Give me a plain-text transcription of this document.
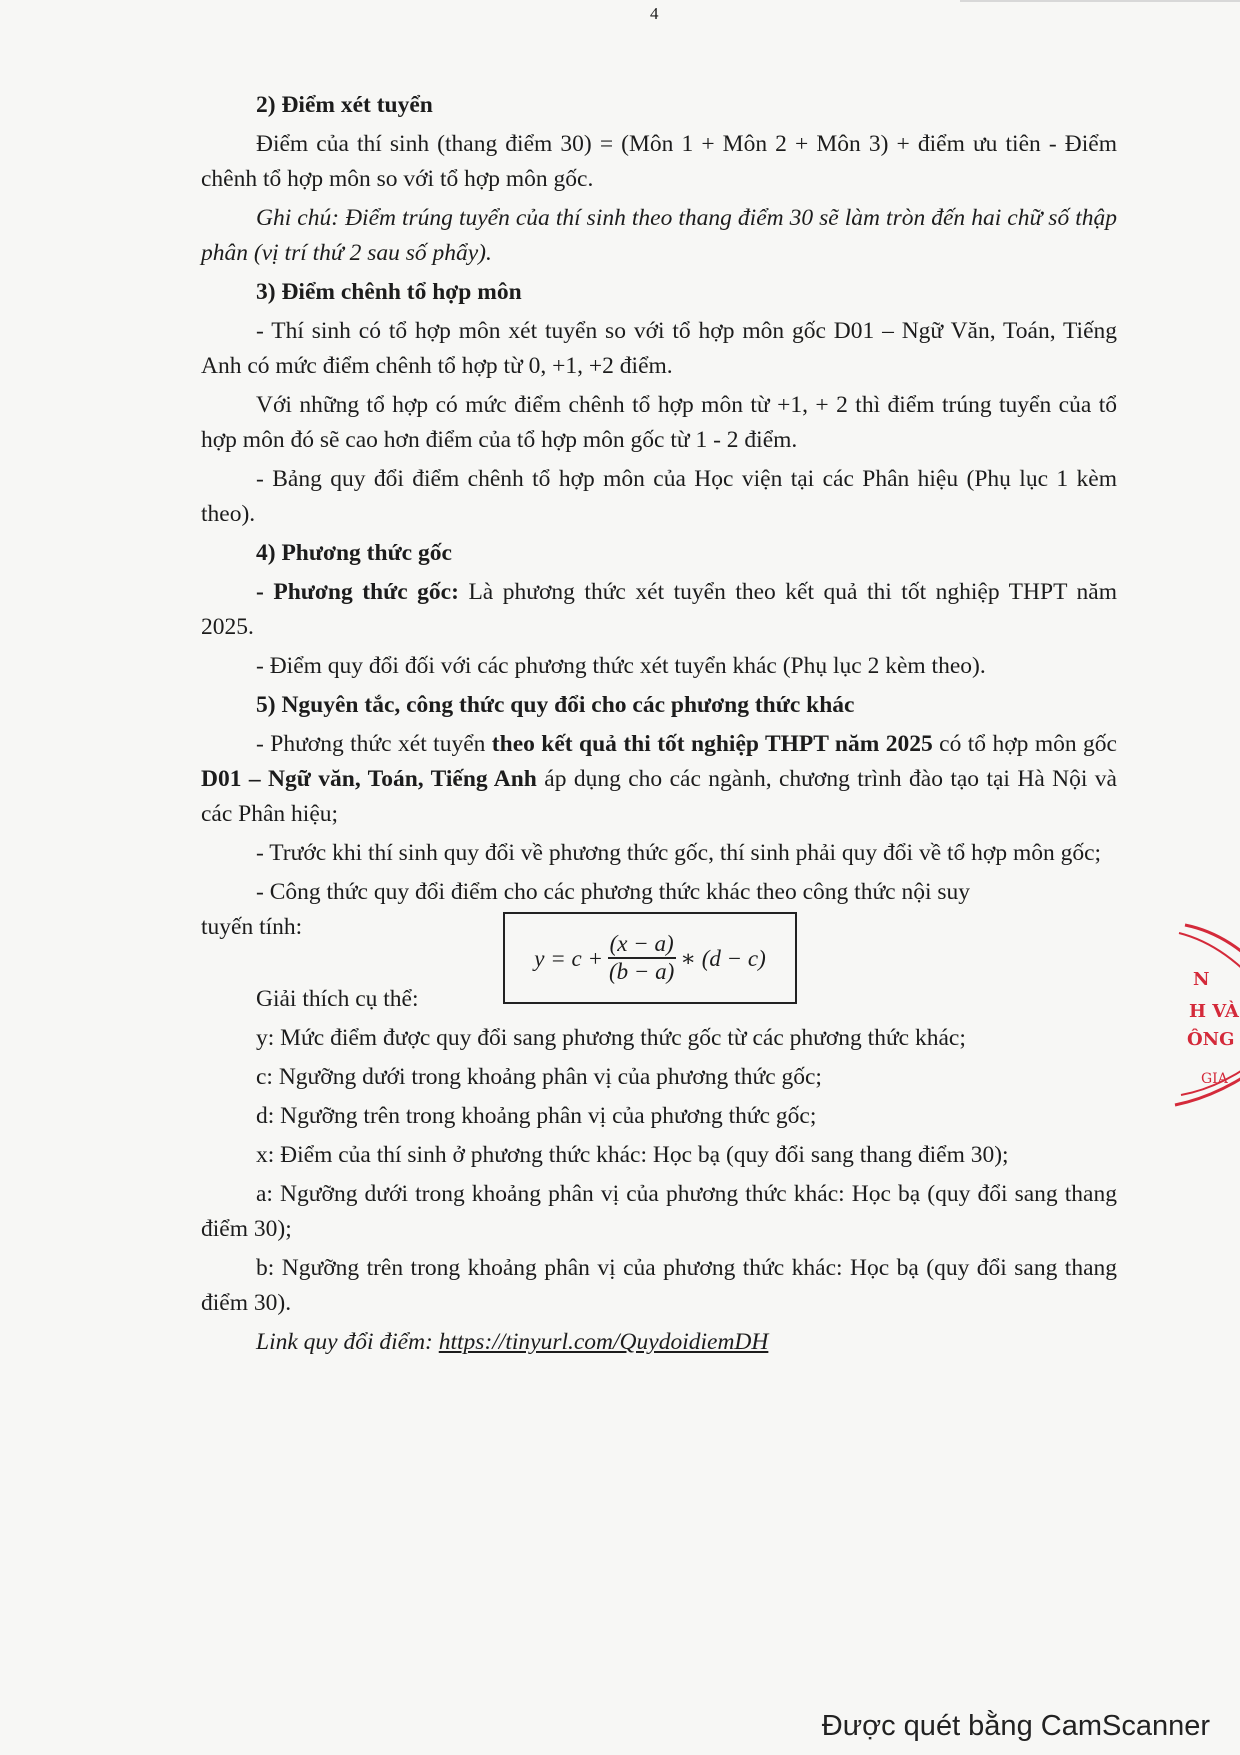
4

2) Điểm xét tuyển

Điểm của thí sinh (thang điểm 30) = (Môn 1 + Môn 2 + Môn 3) + điểm ưu tiên - Điểm chênh tổ hợp môn so với tổ hợp môn gốc.

Ghi chú: Điểm trúng tuyển của thí sinh theo thang điểm 30 sẽ làm tròn đến hai chữ số thập phân (vị trí thứ 2 sau số phẩy).

3) Điểm chênh tổ hợp môn

- Thí sinh có tổ hợp môn xét tuyển so với tổ hợp môn gốc D01 – Ngữ Văn, Toán, Tiếng Anh có mức điểm chênh tổ hợp từ 0, +1, +2 điểm.

Với những tổ hợp có mức điểm chênh tổ hợp môn từ +1, + 2 thì điểm trúng tuyển của tổ hợp môn đó sẽ cao hơn điểm của tổ hợp môn gốc từ 1 - 2 điểm.

- Bảng quy đổi điểm chênh tổ hợp môn của Học viện tại các Phân hiệu (Phụ lục 1 kèm theo).

4) Phương thức gốc

- Phương thức gốc: Là phương thức xét tuyển theo kết quả thi tốt nghiệp THPT năm 2025.

- Điểm quy đổi đối với các phương thức xét tuyển khác (Phụ lục 2 kèm theo).

5) Nguyên tắc, công thức quy đổi cho các phương thức khác

- Phương thức xét tuyển theo kết quả thi tốt nghiệp THPT năm 2025 có tổ hợp môn gốc D01 – Ngữ văn, Toán, Tiếng Anh áp dụng cho các ngành, chương trình đào tạo tại Hà Nội và các Phân hiệu;

- Trước khi thí sinh quy đổi về phương thức gốc, thí sinh phải quy đổi về tổ hợp môn gốc;

- Công thức quy đổi điểm cho các phương thức khác theo công thức nội suy

tuyến tính:
$y = c + \frac{(x - a)}{(b - a)}$ ∗ (d − c)

Giải thích cụ thể:

y: Mức điểm được quy đổi sang phương thức gốc từ các phương thức khác;

c: Ngưỡng dưới trong khoảng phân vị của phương thức gốc;

d: Ngưỡng trên trong khoảng phân vị của phương thức gốc;

x: Điểm của thí sinh ở phương thức khác: Học bạ (quy đổi sang thang điểm 30);

a: Ngưỡng dưới trong khoảng phân vị của phương thức khác: Học bạ (quy đổi sang thang điểm 30);

b: Ngưỡng trên trong khoảng phân vị của phương thức khác: Học bạ (quy đổi sang thang điểm 30).

Link quy đổi điểm: https://tinyurl.com/QuydoidiemDH

N
H VÀ
ÔNG
GIA
Được quét bằng CamScanner
